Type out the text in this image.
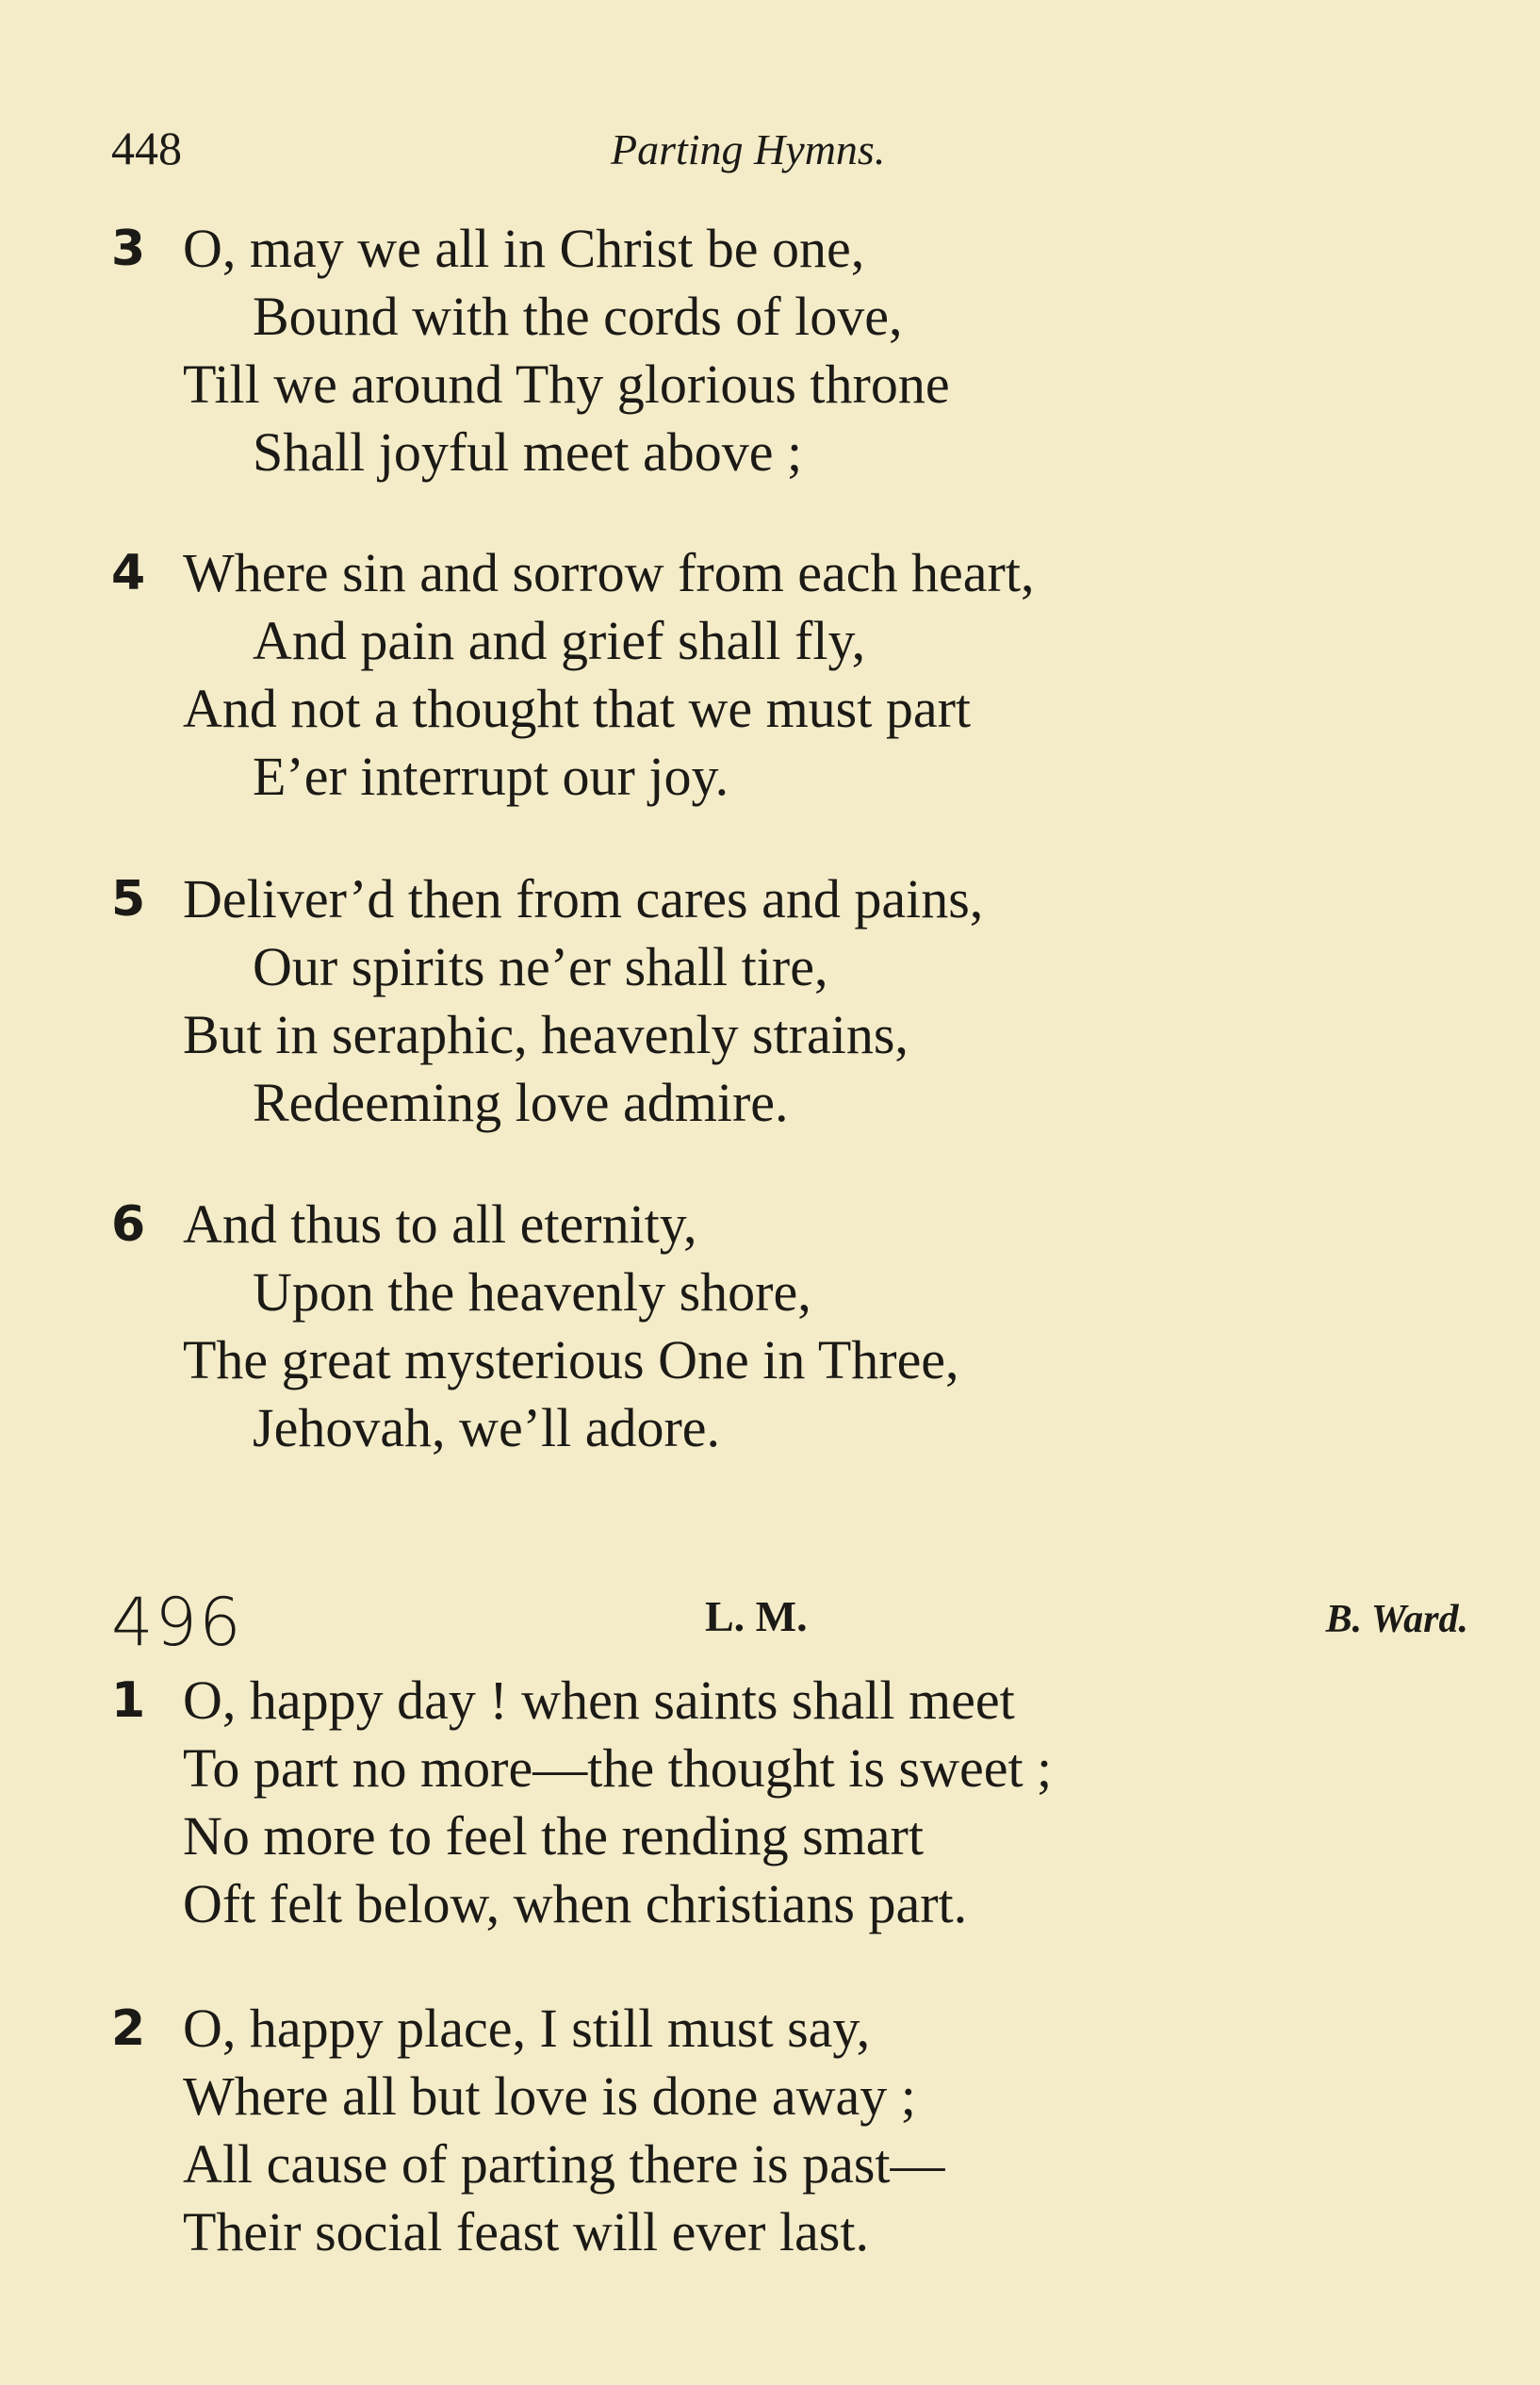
448	Parting Hymns.
3 O, may we all in Christ be one,
Bound with the cords of love,
Till we around Thy glorious throne
Shall joyful meet above ;
4 Where sin and sorrow from each heart,
And pain and grief shall fly,
And not a thought that we must part
E’er interrupt our joy.
5 Deliver’d then from cares and pains,
Our spirits ne’er shall tire,
But in seraphic, heavenly strains,
Redeeming love admire.
6 And thus to all eternity,
Upon the heavenly shore,
The great mysterious One in Three,
Jehovah, we’ll adore.
496	L. M.	B. Ward.
1 O, happy day ! when saints shall meet
To part no more—the thought is sweet ;
No more to feel the rending smart
Oft felt below, when christians part.
2 O, happy place, I still must say,
Where all but love is done away ;
All cause of parting there is past—
Their social feast will ever last.
